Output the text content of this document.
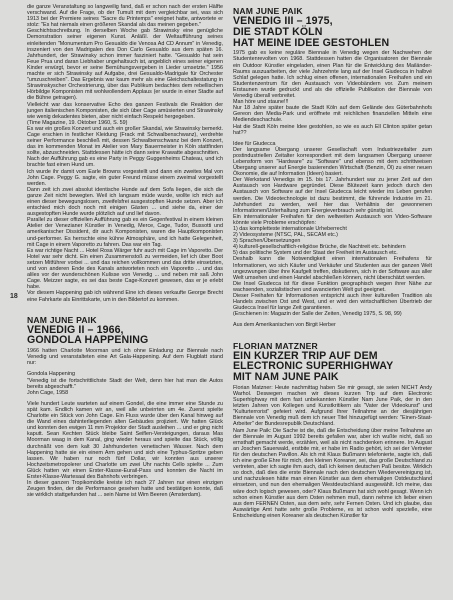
18

die ganze Veranstaltung so langweilig fand, daß er schon nach der ersten Hälfte verschwand. Auf die Frage, ob der Tumult mit dem vergleichbar sei, was sich 1913 bei der Premiere seines "Sacre du Printemps" ereignet hatte, antwortete er stolz: "Es hat niemals einen größeren Skandal als das meinen gegeben."

Geschichtsschreibung. In derselben Woche gab Strawinsky eine genügliche Demonstration seiner eigenen Kunst. Anläßl. der Weltaufführung seines einleitenden "Monumentum Pro Gesualdo die Venosa Ad CD Annum" in Venedig, inszeniert von den Madrigalen des Don Carlo Gesualdo aus dem späten 16. Jahrhundert, der Strawinsky schon immer fasziniert hatte. "Gesualdo hat sein Feue Prua und daran Liebhaber ungehaltsuch ist, angeblich eines seiner eigenen Kinder erwürgt, bevor er seine Bemühungsvergeben in Lieder umsetzte." 1956 machte er sich Strawinsky auf Aufgabe, drei Gesualdo-Madrigale für Orchester "umzuschreiben". Das Ergebnis war kaum mehr als eine Gleichschaltestatung in Strawinskyscher Orchestrierung, über das Publikum bedachtes dem rebellischen Hörbildge Komponisten mit wohlwollendem Applaus (er wurde in einer Stadte auf die Bühne getragen).

Vielleicht war das konservative Echo des ganzen Festivals die Reaktion der jungen italienischen Komponisten, die sich über Cage amüsierten und Strawinsky wie wenig dekadentes bieten, aber nicht einfach Respekt hergegeben.

(Time Magazine, 19. Oktober 1960, S. 59)

Es war ein großes Konzert und auch ein großer Skandal, wie Strawinsky bemerkt. Cage erschien in festlicher Kleidung (Frack mit Schwalbenschwanz), verdrehte seiner Performance beschließ mit, dessen Schwalbenschwanz bei dem Konzert, das im kommenden Monat im Atelier von Mary Bauermeister in Köln stattfinden sollte, abzuschneiden. Stattdessen hätte ich dann seine Krawatte abgeschnitten.

Nach der Aufführung gab es eine Party in Peggy Guggenheims Chateau, und ich brachte fast einen Hund um.

Ich wurde ihr damit vom Earle Browns vorgestellt und dann ein zweites Mal von John Cage. Peggy G. sagte, ein guter Freund müsse einem zweimal vorgestellt werden.

Dann zeit ich zwei absolut identische Hunde auf dem Sofa liegen, die sich die ganze Zeit nicht bewegten. Weil ich langsam müde wurde, wollte ich mich auf einen dieser bewegungslosen, zweifelsfrei ausgestopften Hunde setzen. Aber ich entschied mich doch noch mit einigen Gästen ... und siehe da, einer der ausgestopften Hunde wurde plötzlich auf und lief davon.

Parallel zu dieser offiziellen Aufführung gab es ein Gegenfestival in einem kleinen Atelier der Venezianer Künstler in Venedig, Merce, Cage, Tudor, Bussotti und amerikanischer Dissident, dir auch Komponisten, waren die Hauptkomponisten und-performer. Es herrschte eine kühne Atmosphäre, und ich hatte Gelegenheit, mit Cage in einem Vaporetto zu fahren. Das war ein Tag.

Es war richtige Nacht ... Hotel Rosa Wärger fuhr auch mit Cage im Vaporetto. Der Hotel war sehr dicht. Ein einen Zusammenstoß zu vermeiden, lief ich über Boot setzen Mitführer vorbei ... und das reichen vollkommen und das dritte einsetzten, und von anderen Ende des Kanals antworteten noch ein Vaporetto ... und das aliles vor der wunderschönen Kulisse von Venedig ... und neben mir saß John Cage. Meizzer sagte, es sei das beste Cage-Konzert gewesen, das er je erlebt habe.

Vor diesem Happening gab ich während Eine ich dieses verkaufte George Brecht eine Fahrkarte als Einrittskarte, um in den Bildertof zu kommen.

NAM JUNE PAIK
VENEDIG II – 1966,
GONDOLA HAPPENING

1966 hatten Charlotte Moorman und ich ohne Einladung zur Biennale nach Venedig und veranstalteten eine Art Gala-Happening. Auf dem Flugblatt stand nur:

Gondola Happening

"Venedig ist die fortschrittlichste Stadt der Welt, denn hier hat man die Autos bereits abgeschafft."

John Cage, 1958

Viele hundert Leute warteten auf einem Gondel, die eine immer eine Stunde zu spät kam. Endlich kamen wir an, weil alle unbeirrten um 4e. Zuerst spielte Charlotte ein Stück von John Cage. Ein Fluss wurde über den Kanal hinweg auf die Wand eines dahinterliegenden alten Gebäudes projiziert. Wir hatten Glück und konnten den ewigen 11 mm Projektor der Stadt ausleihen ... und er ging nicht kaputt. Sean Kechten Stück bleibe Saint Seiflen-Versteigungen, daraus Mas Moorman waag in dem Kanal, ging wieder heraus und spielte das Stück, völlig durchnäßt von dem kalt 30 Jahrhunderten venetischen Wasser. Nach dem Happening hatte sie ein einem Arm gehen und sich eine Typhus-Spritze geben lassen. Wir haben nur noch fünf Dollar, wir konnten aus unserer Hochzeitsmetropolerer und Charlotte um zwei Uhr nachts Cello spielte ... Zum Glück hatten wir einen Erster-Klasse-Eurail-Pass und konnten die Nacht im Erster-Klasse-Wartesaal des Bahnhofs verbringen.

In dieser ganzen Tropikomödie kreiste ich nach 27 Jahren nur einen einzigen Zeugen finden, der die Performance gesehen hatte und bestätigen konnte, daß sie wirklich stattgefunden hat ... sein Name ist Wim Beeren (Amsterdam).

NAM JUNE PAIK
VENEDIG III – 1975,
DIE STADT KÖLN
HAT MEINE IDEE GESTOHLEN

1975 gab es keine reguläre Biennale in Venedig wegen der Nachwehen der Studentenrevolten von 1968. Stattdessen hatten die Organisatoren der Biennale ein Outdoor Künstler eingeladen, einen Plan für die Entwicklung des Mailänder-Raums auszuarbeiten, der viele Jahrzehnte lang auf der Insel Giudecca in halbvé Schlaf gelegen hatte. Ich schlug einen offenen, internationalen Freihafen und ein Studentenzentrum für den Austausch von Videobändern vor. Zum meinem Erstaunen wurde gedruckt und als die offizielle Publikation der Biennale von Venedig überall verbreitet.

Man höre und staune!!!

Nur 18 Jahre später baute die Stadt Köln auf dem Gelände des Güterbahnhofs Gereon den Media-Park und eröffnete mit reichlichen finanziellen Mitteln eine Mediendeschachule.

Hat die Stadt Köln meine Idee gestohlen, so wie es auch Ell Clinton später getan hat??

Idee für Giudecca

Der langsame Übergang unserer Gesellschaft vom Industriezeitalter zum postindustriellen Zeitalter korrespondiert mit dem langsamen Übergang unserer Lebensform von "Hardware" zu "Software" und ebenso mit dem schrittweisen Übergang unserer auf Energie basierenden Wirtschaft (Benzin, Öl) zu einer neuen Ökonomie, die auf Information (Ideen) basiert.

Der Werkstand Venedigs im 15. bis 17. Jahrhundert war zu jener Zeit auf den Austausch von Hardware gegründet. Diese Blütezeit kann jedoch durch den Austausch von Software auf der Insel Giudecca leicht wieder ins Leben gerufen werden. Die Videotechnologie ist dazu bestimmt, die führende Industrie im 21. Jahrhundert zu werden, weil hier das Verhältnis der gewonnenen Informationen/Unterhaltung zum Energieverbrauch sehr günstig ist.

Ein internationaler Freihafen für den weltweiten Austausch von Video-Software könnte viele Probleme erschöpfen:

1) das kompletteste internationale Urheberrecht

2) Videosysteme (NTSC, PAL, SECAM etc.)

3) Sprachen/Übersetzungen

4) kulturell-gesellschaftlich-religiöse Brüche, die Nachtreit etc. behindern

5) das politische System und der Staat der Freiheit im Austausch etc.

Deshalb kann die Notwendigkeit einen internationalen Freihafens für Informationen, wo sich Käufer und Verkäufer und Studenten aus der ganzen Welt ungezwungen über ihre Kaufgelt treffen, diskutieren, sich in der Software aus aller Welt umsehen und einen Handel abschließen können, nicht überschätzt werden.

Die Insel Giudecca ist für diese Funktion geographisch wegen ihrer Nähe zur wachsenden, sozialistischen und avancierten Welt gut geeignet.

Dieser Freihafen für Informationen entspricht auch ihrer kulturellen Tradition als Handels zwischen Ost und West, und er wird den wirtschaftlichen Übertrieb der Giudecca Insel für lange Zeit garantieren.

(Erschienen in: Magazin der Salle der Zeiten, Venedig 1975, S. 98, 99)

Aus dem Amerikanischen von Birgit Herber

FLORIAN MATZNER
EIN KURZER TRIP AUF DEM
ELECTRONIC SUPERHIGHWAY
MIT NAM JUNE PAIK

Florian Matzner: Heute nachmittag haben Sie mir gesagt, sie seien NICHT Andy Warhol. Deswegen machen wir dieses kurzen Trip auf dem Electronic Superhighway mit dem fast unbekannten Künstler Nam June Paik, der in den letzten Jahren von Kollegen und Kunstkritikern als "Vater der Videokunst" und "Kulturterrorist" gefeiert wird. Aufgrund Ihrer Teilnahme an der diesjährigen Biennale von Venedig muß dem ich neuer Titel hinzugefügt werden: "Einen-Staat-Arbeiter" der Bundesrepublik Deutschland.

Nam June Paik: Die Sache ist die, daß die Entscheidung über meine Teilnahme an der Biennale im August 1992 bereits gefallen war, aber ich wußte nicht, daß so ernsthaft gemacht werde, erzählen, weil als nicht nachdenken erinnere. Im August an Joschen Sauerwald, erstbite mir, er habe im Radio gehört, ich sei der Vertreter für den deutschen Pavillon. Als ich mit Klaus Bußmann telefonierte, sagte ich, daß ich eine große Ehre für mich, den kleinen Koreaner, sei, das große Deutschland zu vertreten, aber ich sagte ihm auch, daß ich keinen deutschen Paß besitze. Wirklich so doch, daß dies die erste Biennale nach den deutschen Wiedervereinigung ist, und nachzulesen hätte man einen Künstler aus dem ehemaligen Ostdeutschland einsetzen, und nun den ehemaligen Westdeutschland ausgewählt. Ich meine, das wäre doch logisch gewesen, oder? Klaus Bußmann hat sich wohl gesagt. Wenn ich schon einen Künstler aus dem Osten nehmen muß, dann nehme ich lieber einen aus dem FERNEN Osten, aus dem sehr, sehr Fernen Osten. Und ich glaube, das Auswärtige Amt hatte sehr große Probleme, es ist schon wohl spezielle, eine Entscheidung einen Koreaner als deutschen Künstler für
